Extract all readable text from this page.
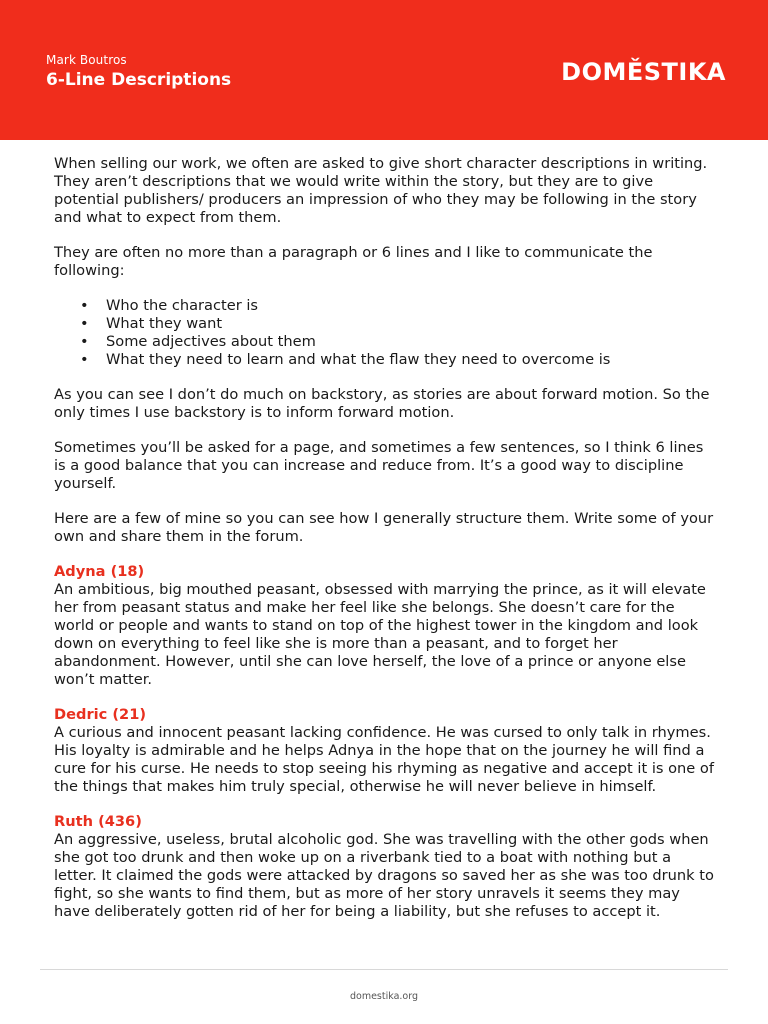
Mark Boutros
6-Line Descriptions	DOMĚSTIKA

When selling our work, we often are asked to give short character descriptions in writing. They aren’t descriptions that we would write within the story, but they are to give potential publishers/ producers an impression of who they may be following in the story and what to expect from them.

They are often no more than a paragraph or 6 lines and I like to communicate the following:

• Who the character is
• What they want
• Some adjectives about them
• What they need to learn and what the flaw they need to overcome is

As you can see I don’t do much on backstory, as stories are about forward motion. So the only times I use backstory is to inform forward motion.

Sometimes you’ll be asked for a page, and sometimes a few sentences, so I think 6 lines is a good balance that you can increase and reduce from. It’s a good way to discipline yourself.

Here are a few of mine so you can see how I generally structure them. Write some of your own and share them in the forum.

Adyna (18)
An ambitious, big mouthed peasant, obsessed with marrying the prince, as it will elevate her from peasant status and make her feel like she belongs. She doesn’t care for the world or people and wants to stand on top of the highest tower in the kingdom and look down on everything to feel like she is more than a peasant, and to forget her abandonment. However, until she can love herself, the love of a prince or anyone else won’t matter.
Dedric (21)
A curious and innocent peasant lacking confidence. He was cursed to only talk in rhymes. His loyalty is admirable and he helps Adnya in the hope that on the journey he will find a cure for his curse. He needs to stop seeing his rhyming as negative and accept it is one of the things that makes him truly special, otherwise he will never believe in himself.
Ruth (436)
An aggressive, useless, brutal alcoholic god. She was travelling with the other gods when she got too drunk and then woke up on a riverbank tied to a boat with nothing but a letter. It claimed the gods were attacked by dragons so saved her as she was too drunk to fight, so she wants to find them, but as more of her story unravels it seems they may have deliberately gotten rid of her for being a liability, but she refuses to accept it.
domestika.org
